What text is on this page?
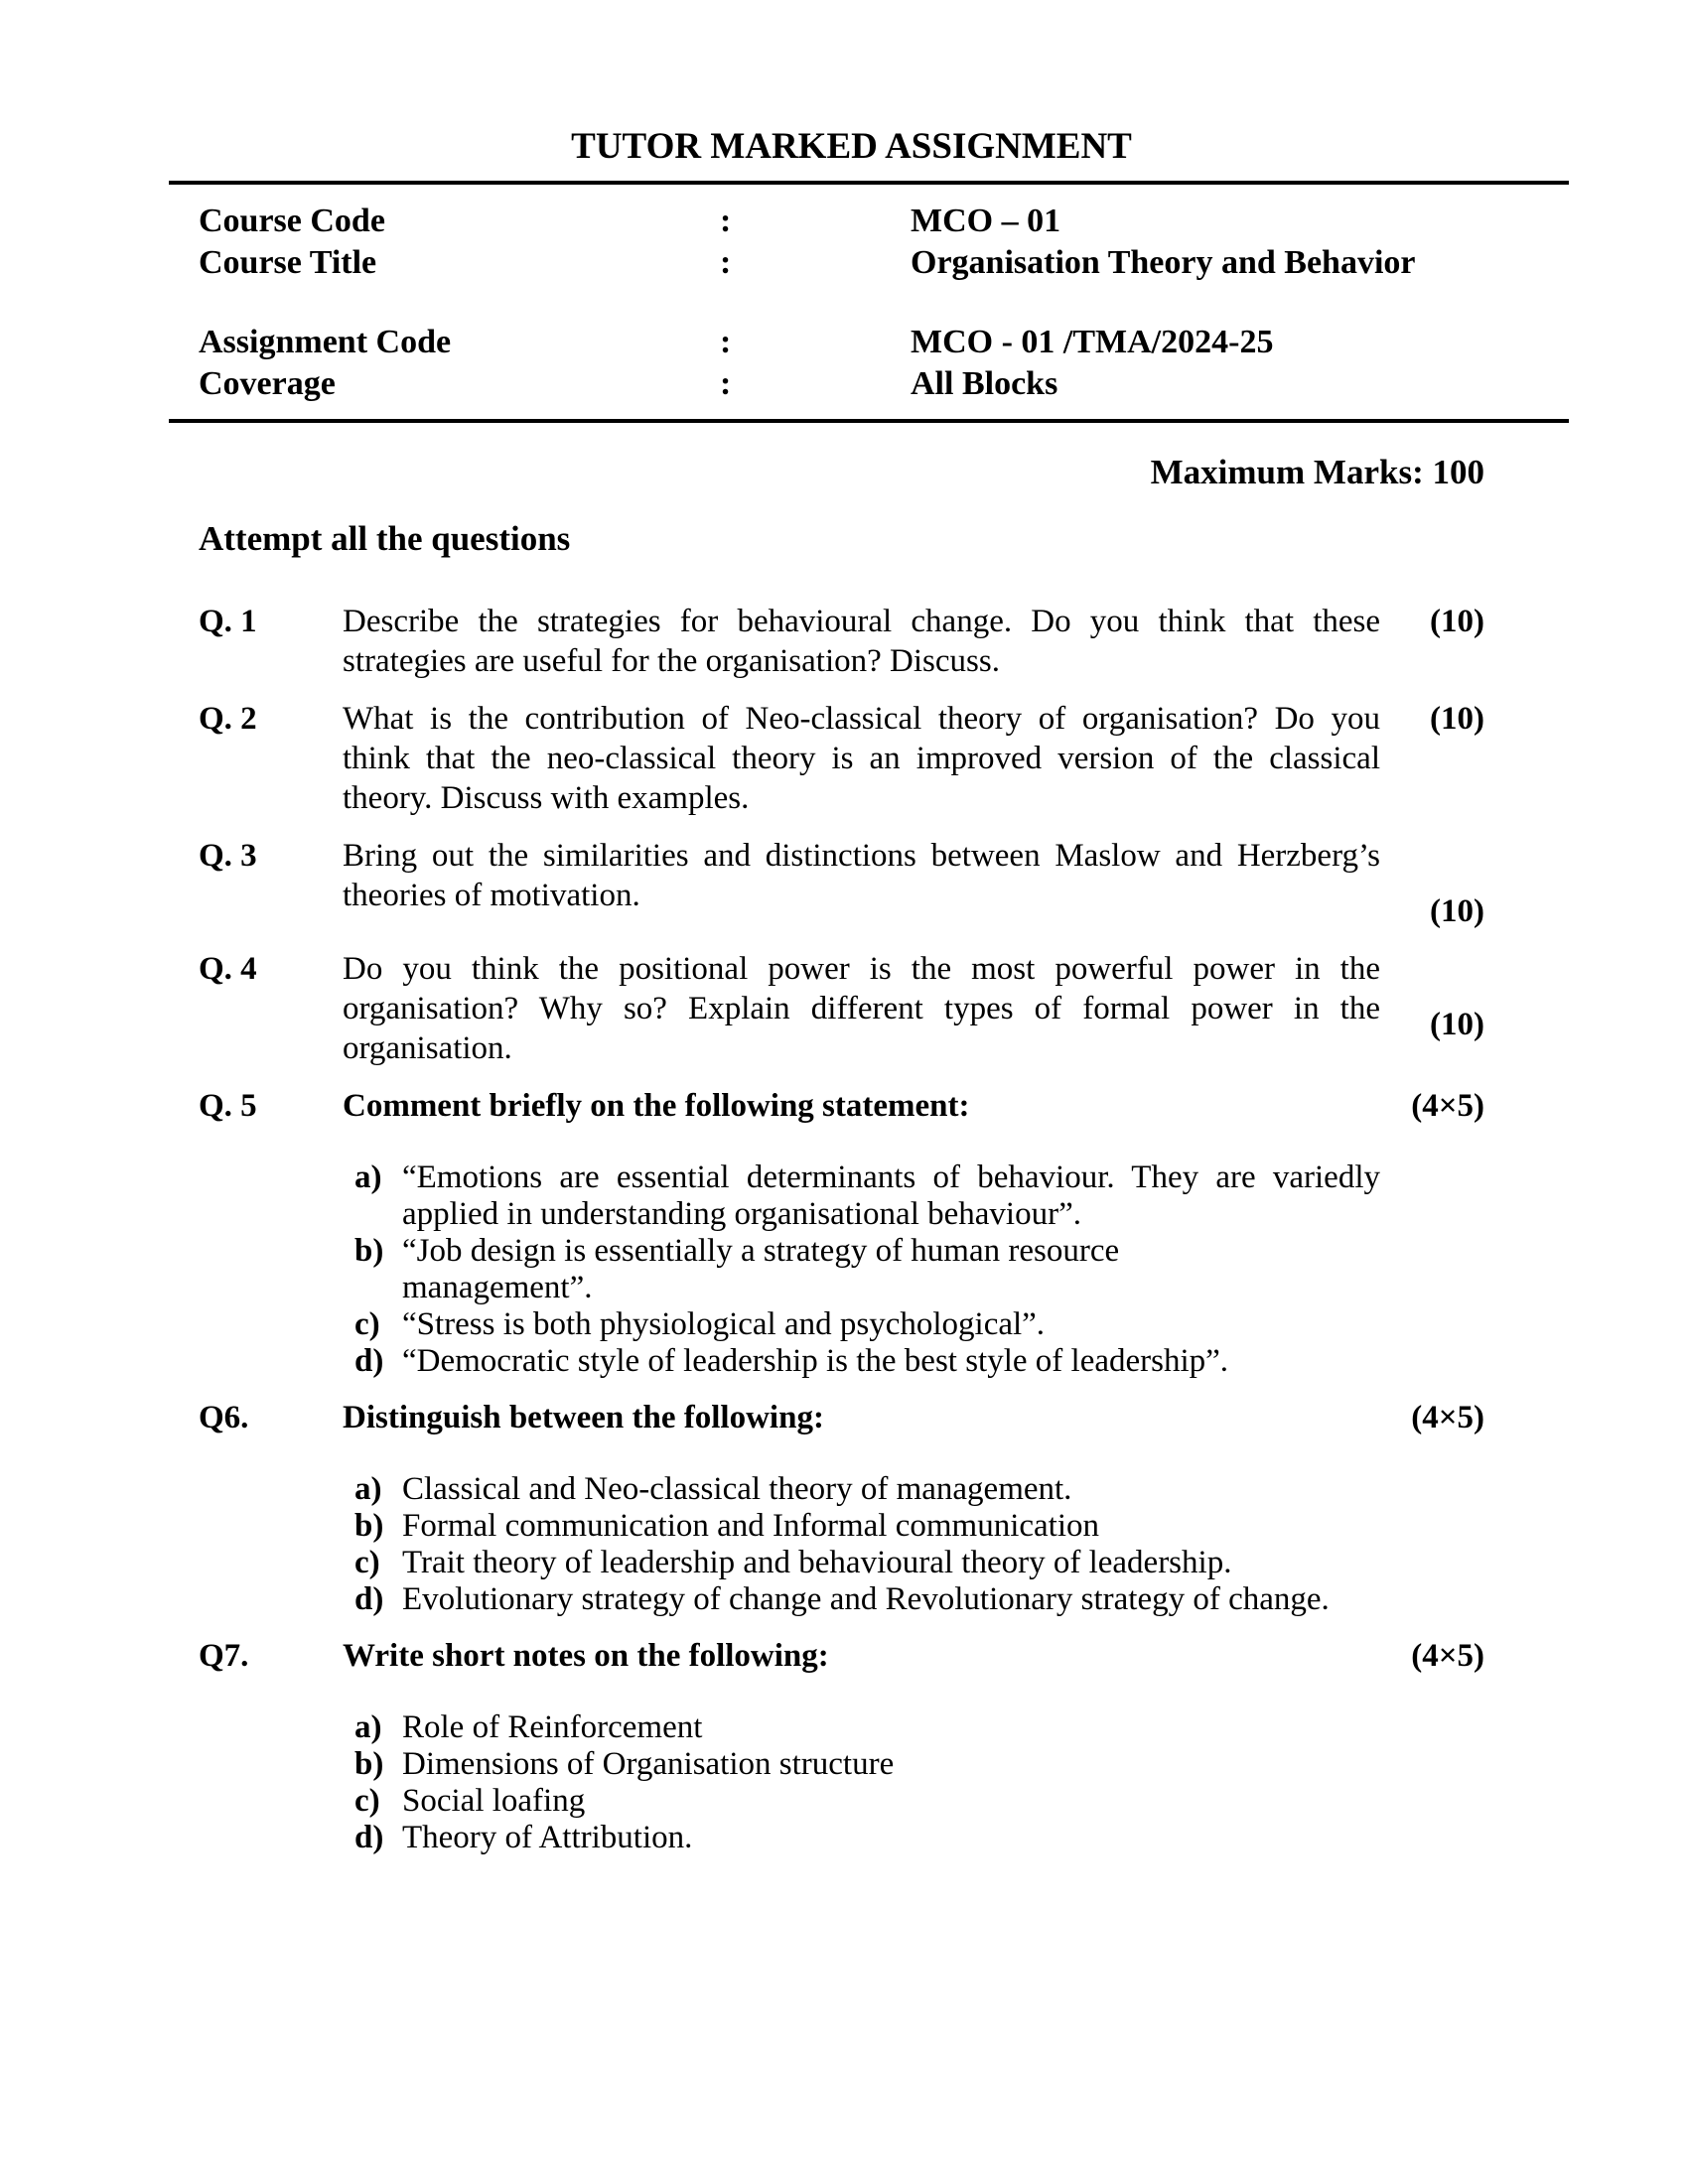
TUTOR MARKED ASSIGNMENT
Course Code	:	MCO – 01
Course Title	:	Organisation Theory and Behavior
Assignment Code	:	MCO - 01 /TMA/2024-25
Coverage	:	All Blocks
Maximum Marks: 100
Attempt all the questions
Q. 1	Describe the strategies for behavioural change. Do you think that these
strategies are useful for the organisation? Discuss.
(10)
Q. 2	What is the contribution of Neo-classical theory of organisation? Do you
think that the neo-classical theory is an improved version of the classical
theory. Discuss with examples.
(10)
Q. 3	Bring out the similarities and distinctions between Maslow and Herzberg’s
theories of motivation.	(10)
Q. 4	Do you think the positional power is the most powerful power in the
organisation? Why so? Explain different types of formal power in the
organisation.
(10)
Q. 5	Comment briefly on the following statement:
a) “Emotions are essential determinants of behaviour. They are variedly
applied in understanding organisational behaviour”.
b) “Job design is essentially a strategy of human resource
management”.
c) “Stress is both physiological and psychological”.
d) “Democratic style of leadership is the best style of leadership”.
(4×5)
Q6.	Distinguish between the following:
a) Classical and Neo-classical theory of management.
b) Formal communication and Informal communication
c) Trait theory of leadership and behavioural theory of leadership.
d) Evolutionary strategy of change and Revolutionary strategy of change.
(4×5)
Q7.	Write short notes on the following:
a) Role of Reinforcement
b) Dimensions of Organisation structure
c) Social loafing
d) Theory of Attribution.
(4×5)
